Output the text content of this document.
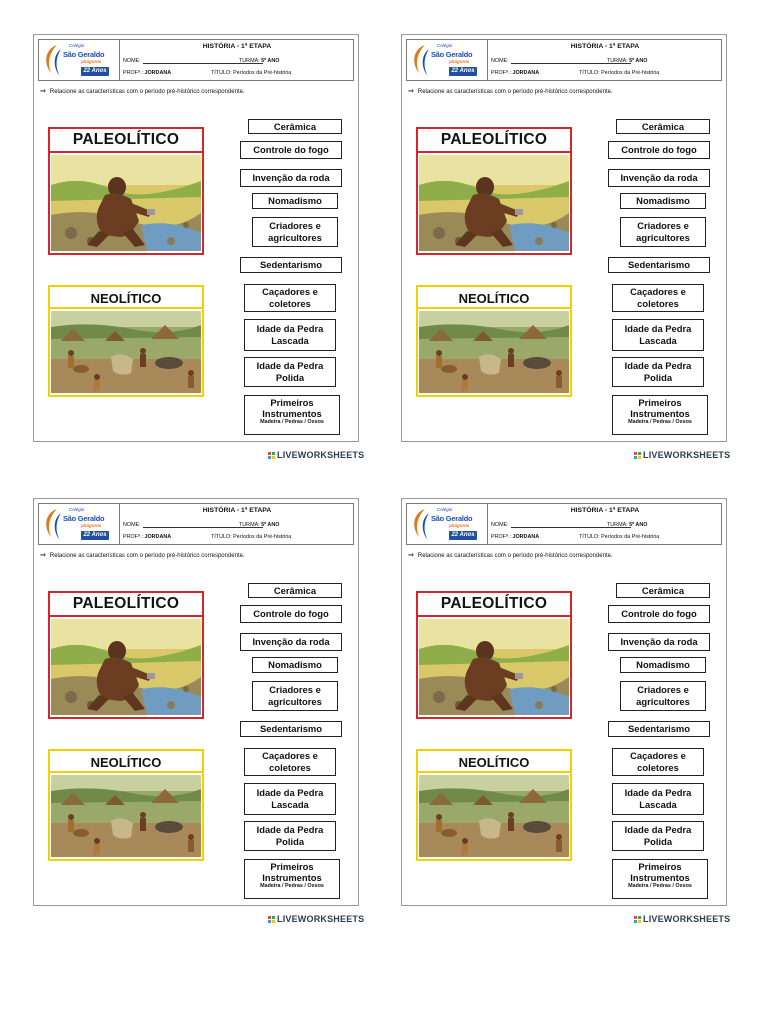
Colégio
São Geraldo
pitágoras
22 Anos
HISTÓRIA - 1ª ETAPA
NOME:	TURMA: 5º ANO
PROFª.: JORDANA	TÍTULO: Períodos da Pré-história
⇒ Relacione as características com o período pré-histórico correspondente.
PALEOLÍTICO
NEOLÍTICO
Cerâmica
Controle do fogo
Invenção da roda
Nomadismo
Criadores e agricultores
Sedentarismo
Caçadores e coletores
Idade da Pedra Lascada
Idade da Pedra Polida
Primeiros Instrumentos
Madeira / Pedras / Ossos
Colégio
São Geraldo
pitágoras
22 Anos
HISTÓRIA - 1ª ETAPA
NOME:	TURMA: 5º ANO
PROFª.: JORDANA	TÍTULO: Períodos da Pré-história
⇒ Relacione as características com o período pré-histórico correspondente.
PALEOLÍTICO
NEOLÍTICO
Cerâmica
Controle do fogo
Invenção da roda
Nomadismo
Criadores e agricultores
Sedentarismo
Caçadores e coletores
Idade da Pedra Lascada
Idade da Pedra Polida
Primeiros Instrumentos
Madeira / Pedras / Ossos
Colégio
São Geraldo
pitágoras
22 Anos
HISTÓRIA - 1ª ETAPA
NOME:	TURMA: 5º ANO
PROFª.: JORDANA	TÍTULO: Períodos da Pré-história
⇒ Relacione as características com o período pré-histórico correspondente.
PALEOLÍTICO
NEOLÍTICO
Cerâmica
Controle do fogo
Invenção da roda
Nomadismo
Criadores e agricultores
Sedentarismo
Caçadores e coletores
Idade da Pedra Lascada
Idade da Pedra Polida
Primeiros Instrumentos
Madeira / Pedras / Ossos
Colégio
São Geraldo
pitágoras
22 Anos
HISTÓRIA - 1ª ETAPA
NOME:	TURMA: 5º ANO
PROFª.: JORDANA	TÍTULO: Períodos da Pré-história
⇒ Relacione as características com o período pré-histórico correspondente.
PALEOLÍTICO
NEOLÍTICO
Cerâmica
Controle do fogo
Invenção da roda
Nomadismo
Criadores e agricultores
Sedentarismo
Caçadores e coletores
Idade da Pedra Lascada
Idade da Pedra Polida
Primeiros Instrumentos
Madeira / Pedras / Ossos
LIVEWORKSHEETS	LIVEWORKSHEETS
LIVEWORKSHEETS	LIVEWORKSHEETS
